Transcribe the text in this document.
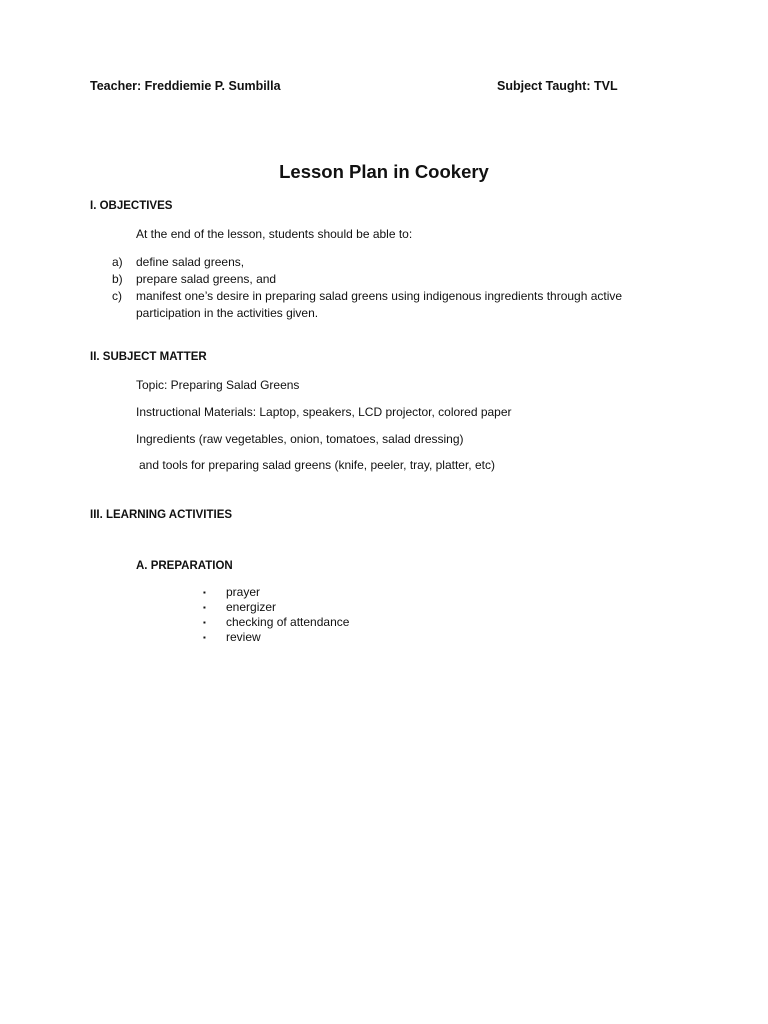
Teacher: Freddiemie P. Sumbilla	Subject Taught: TVL
Lesson Plan in Cookery
I. OBJECTIVES
At the end of the lesson, students should be able to:
a) define salad greens,
b) prepare salad greens, and
c) manifest one’s desire in preparing salad greens using indigenous ingredients through active
participation in the activities given.
II. SUBJECT MATTER
Topic: Preparing Salad Greens
Instructional Materials: Laptop, speakers, LCD projector, colored paper
Ingredients (raw vegetables, onion, tomatoes, salad dressing)
and tools for preparing salad greens (knife, peeler, tray, platter, etc)
III. LEARNING ACTIVITIES
A. PREPARATION
▪ prayer
▪ energizer
▪ checking of attendance
▪ review
